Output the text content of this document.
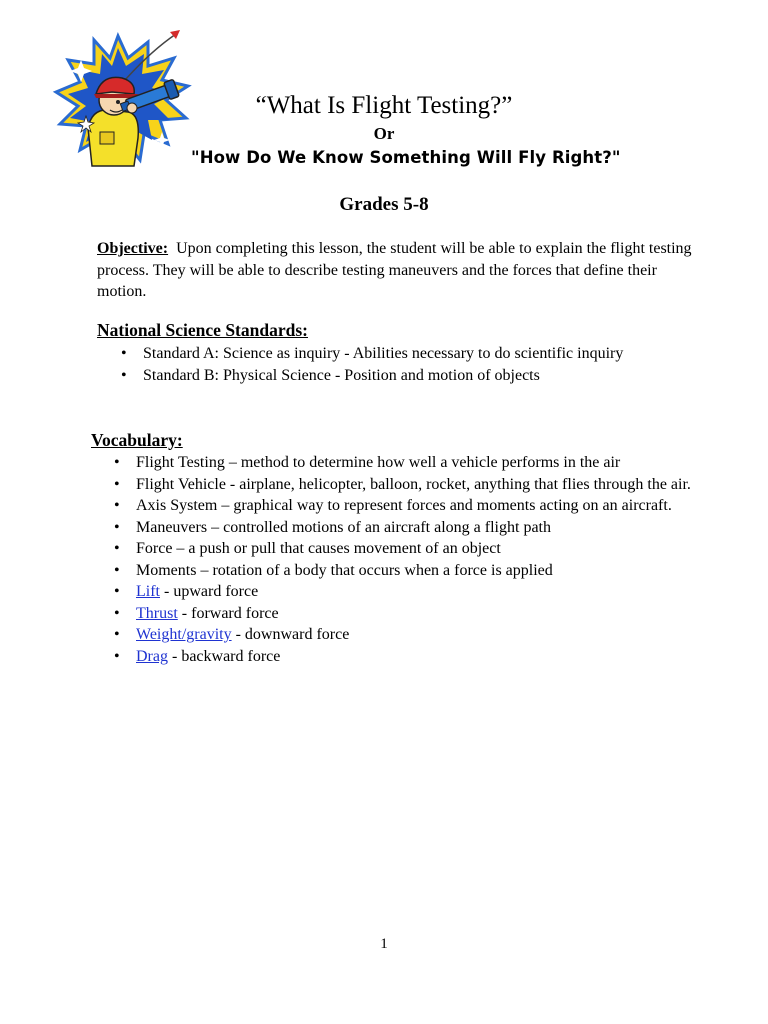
“What Is Flight Testing?”
Or
"How Do We Know Something Will Fly Right?"
Grades 5-8
Objective: Upon completing this lesson, the student will be able to explain the flight testing process. They will be able to describe testing maneuvers and the forces that define their motion.
National Science Standards:
• Standard A: Science as inquiry - Abilities necessary to do scientific inquiry
• Standard B: Physical Science - Position and motion of objects
Vocabulary:
• Flight Testing – method to determine how well a vehicle performs in the air
• Flight Vehicle - airplane, helicopter, balloon, rocket, anything that flies through the air.
• Axis System – graphical way to represent forces and moments acting on an aircraft.
• Maneuvers – controlled motions of an aircraft along a flight path
• Force – a push or pull that causes movement of an object
• Moments – rotation of a body that occurs when a force is applied
• Lift - upward force
• Thrust - forward force
• Weight/gravity - downward force
• Drag - backward force
1
